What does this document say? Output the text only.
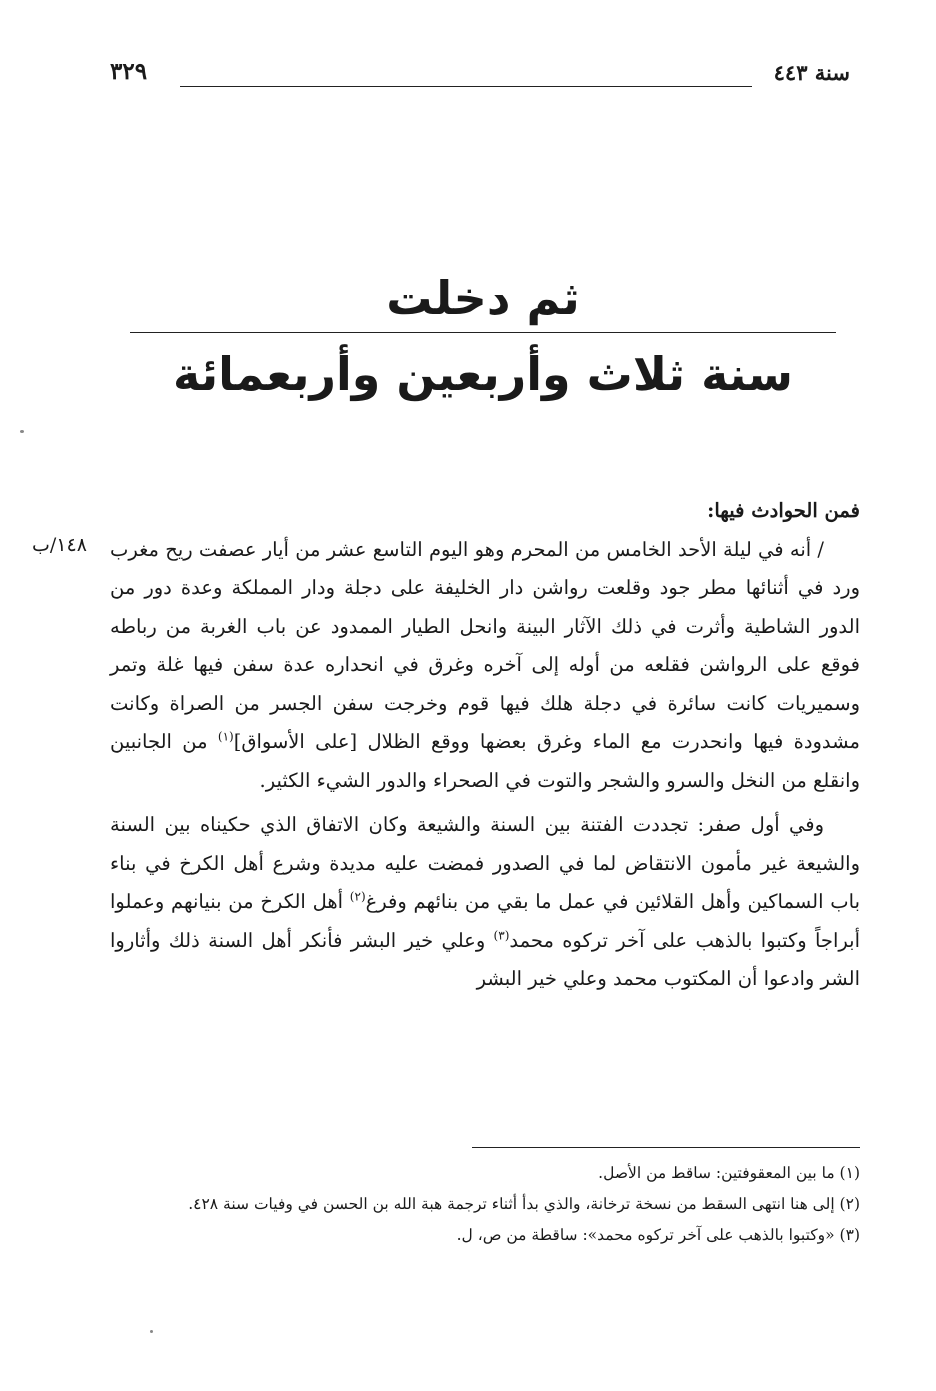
سنة ٤٤٣
٣٢٩
ثم دخلت
سنة ثلاث وأربعين وأربعمائة
١٤٨/ب
فمن الحوادث فيها:

/ أنه في ليلة الأحد الخامس من المحرم وهو اليوم التاسع عشر من أيار عصفت ريح مغرب ورد في أثنائها مطر جود وقلعت رواشن دار الخليفة على دجلة ودار المملكة وعدة دور من الدور الشاطية وأثرت في ذلك الآثار البينة وانحل الطيار الممدود عن باب الغربة من رباطه فوقع على الرواشن فقلعه من أوله إلى آخره وغرق في انحداره عدة سفن فيها غلة وتمر وسميريات كانت سائرة في دجلة هلك فيها قوم وخرجت سفن الجسر من الصراة وكانت مشدودة فيها وانحدرت مع الماء وغرق بعضها ووقع الظلال [على الأسواق]$^{(١)}$ من الجانبين وانقلع من النخل والسرو والشجر والتوت في الصحراء والدور الشيء الكثير.

وفي أول صفر: تجددت الفتنة بين السنة والشيعة وكان الاتفاق الذي حكيناه بين السنة والشيعة غير مأمون الانتقاض لما في الصدور فمضت عليه مديدة وشرع أهل الكرخ في بناء باب السماكين وأهل القلائين في عمل ما بقي من بنائهم وفرغ$^{(٢)}$ أهل الكرخ من بنيانهم وعملوا أبراجاً وكتبوا بالذهب على آخر تركوه محمد$^{(٣)}$ وعلي خير البشر فأنكر أهل السنة ذلك وأثاروا الشر وادعوا أن المكتوب محمد وعلي خير البشر

(١) ما بين المعقوفتين: ساقط من الأصل.
(٢) إلى هنا انتهى السقط من نسخة ترخانة، والذي بدأ أثناء ترجمة هبة الله بن الحسن في وفيات سنة ٤٢٨.
(٣) «وكتبوا بالذهب على آخر تركوه محمد»: ساقطة من ص، ل.
